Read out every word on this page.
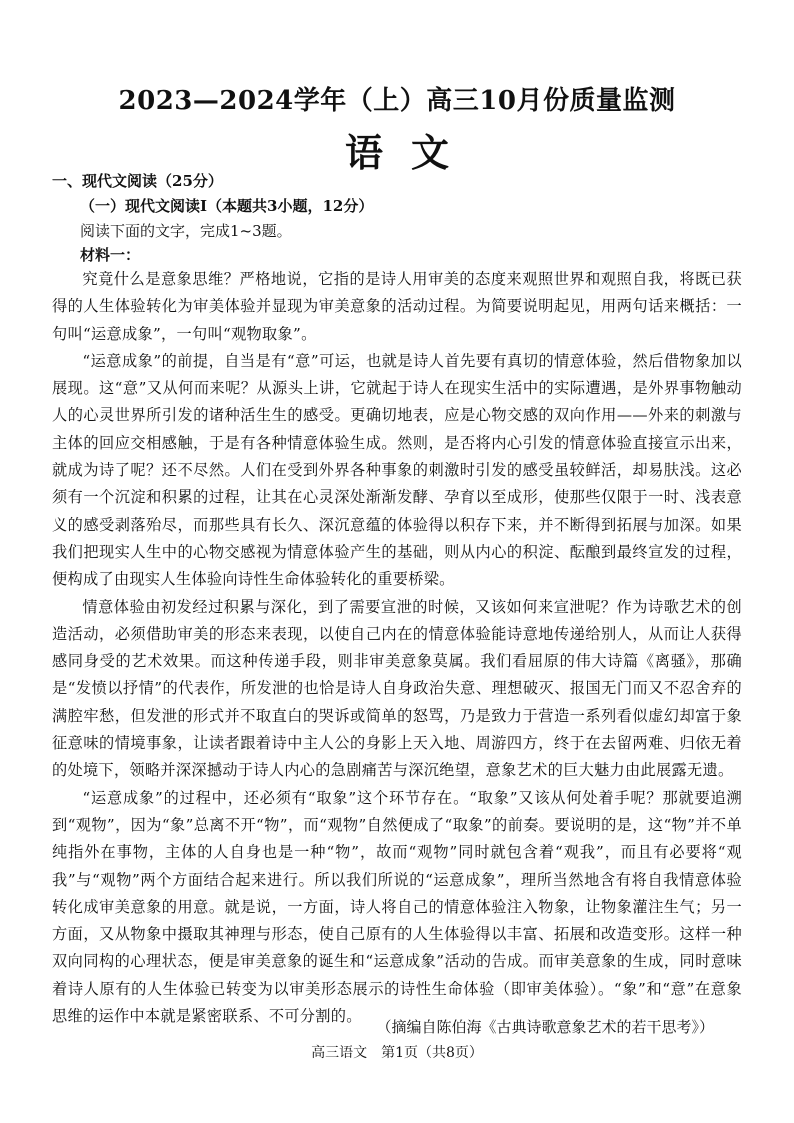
2023—2024学年（上）高三10月份质量监测
语文
一、现代文阅读（25分）
（一）现代文阅读Ⅰ（本题共3小题，12分）
阅读下面的文字，完成1~3题。
材料一：

究竟什么是意象思维？严格地说，它指的是诗人用审美的态度来观照世界和观照自我，将既已获得的人生体验转化为审美体验并显现为审美意象的活动过程。为简要说明起见，用两句话来概括：一句叫“运意成象”，一句叫“观物取象”。

“运意成象”的前提，自当是有“意”可运，也就是诗人首先要有真切的情意体验，然后借物象加以展现。这“意”又从何而来呢？从源头上讲，它就起于诗人在现实生活中的实际遭遇，是外界事物触动人的心灵世界所引发的诸种活生生的感受。更确切地表，应是心物交感的双向作用——外来的刺激与主体的回应交相感触，于是有各种情意体验生成。然则，是否将内心引发的情意体验直接宣示出来，就成为诗了呢？还不尽然。人们在受到外界各种事象的刺激时引发的感受虽较鲜活，却易肤浅。这必须有一个沉淀和积累的过程，让其在心灵深处渐渐发酵、孕育以至成形，使那些仅限于一时、浅表意义的感受剥落殆尽，而那些具有长久、深沉意蕴的体验得以积存下来，并不断得到拓展与加深。如果我们把现实人生中的心物交感视为情意体验产生的基础，则从内心的积淀、酝酿到最终宣发的过程，便构成了由现实人生体验向诗性生命体验转化的重要桥梁。

情意体验由初发经过积累与深化，到了需要宣泄的时候，又该如何来宣泄呢？作为诗歌艺术的创造活动，必须借助审美的形态来表现，以使自己内在的情意体验能诗意地传递给别人，从而让人获得感同身受的艺术效果。而这种传递手段，则非审美意象莫属。我们看屈原的伟大诗篇《离骚》，那确是“发愤以抒情”的代表作，所发泄的也恰是诗人自身政治失意、理想破灭、报国无门而又不忍舍弃的满腔牢愁，但发泄的形式并不取直白的哭诉或简单的怒骂，乃是致力于营造一系列看似虚幻却富于象征意味的情境事象，让读者跟着诗中主人公的身影上天入地、周游四方，终于在去留两难、归依无着的处境下，领略并深深撼动于诗人内心的急剧痛苦与深沉绝望，意象艺术的巨大魅力由此展露无遗。

“运意成象”的过程中，还必须有“取象”这个环节存在。“取象”又该从何处着手呢？那就要追溯到“观物”，因为“象”总离不开“物”，而“观物”自然便成了“取象”的前奏。要说明的是，这“物”并不单纯指外在事物，主体的人自身也是一种“物”，故而“观物”同时就包含着“观我”，而且有必要将“观我”与“观物”两个方面结合起来进行。所以我们所说的“运意成象”，理所当然地含有将自我情意体验转化成审美意象的用意。就是说，一方面，诗人将自己的情意体验注入物象，让物象灌注生气；另一方面，又从物象中摄取其神理与形态，使自己原有的人生体验得以丰富、拓展和改造变形。这样一种双向同构的心理状态，便是审美意象的诞生和“运意成象”活动的告成。而审美意象的生成，同时意味着诗人原有的人生体验已转变为以审美形态展示的诗性生命体验（即审美体验）。“象”和“意”在意象思维的运作中本就是紧密联系、不可分割的。

（摘编自陈伯海《古典诗歌意象艺术的若干思考》）
高三语文　第1页（共8页）
